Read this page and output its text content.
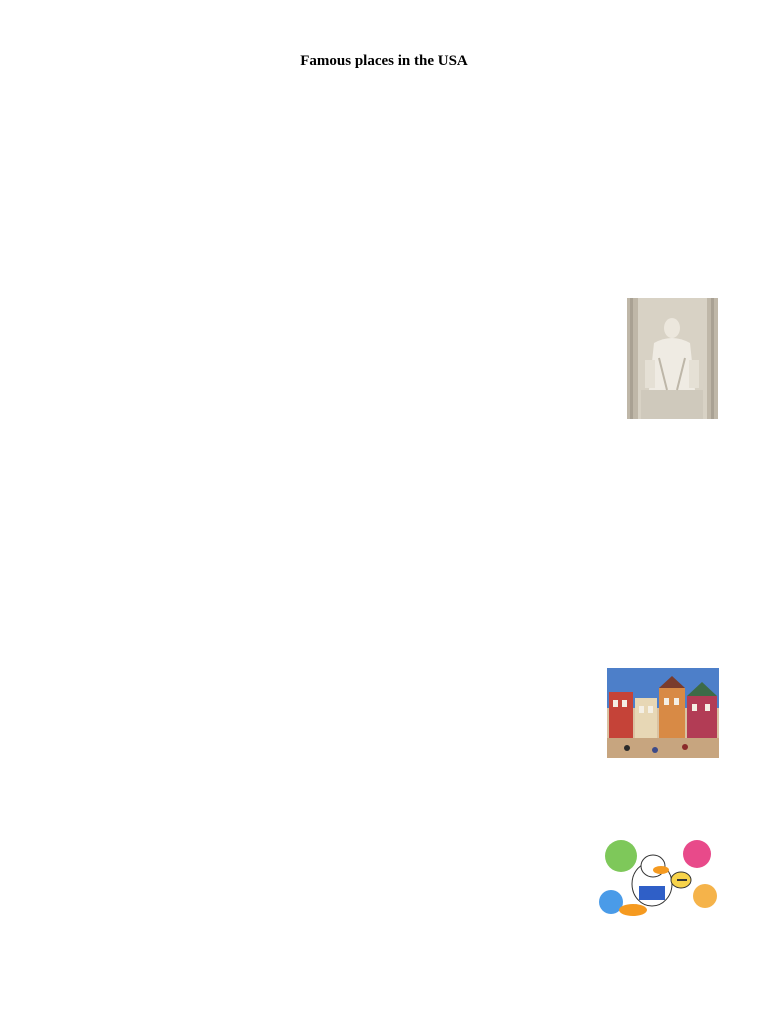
Famous places in the USA
